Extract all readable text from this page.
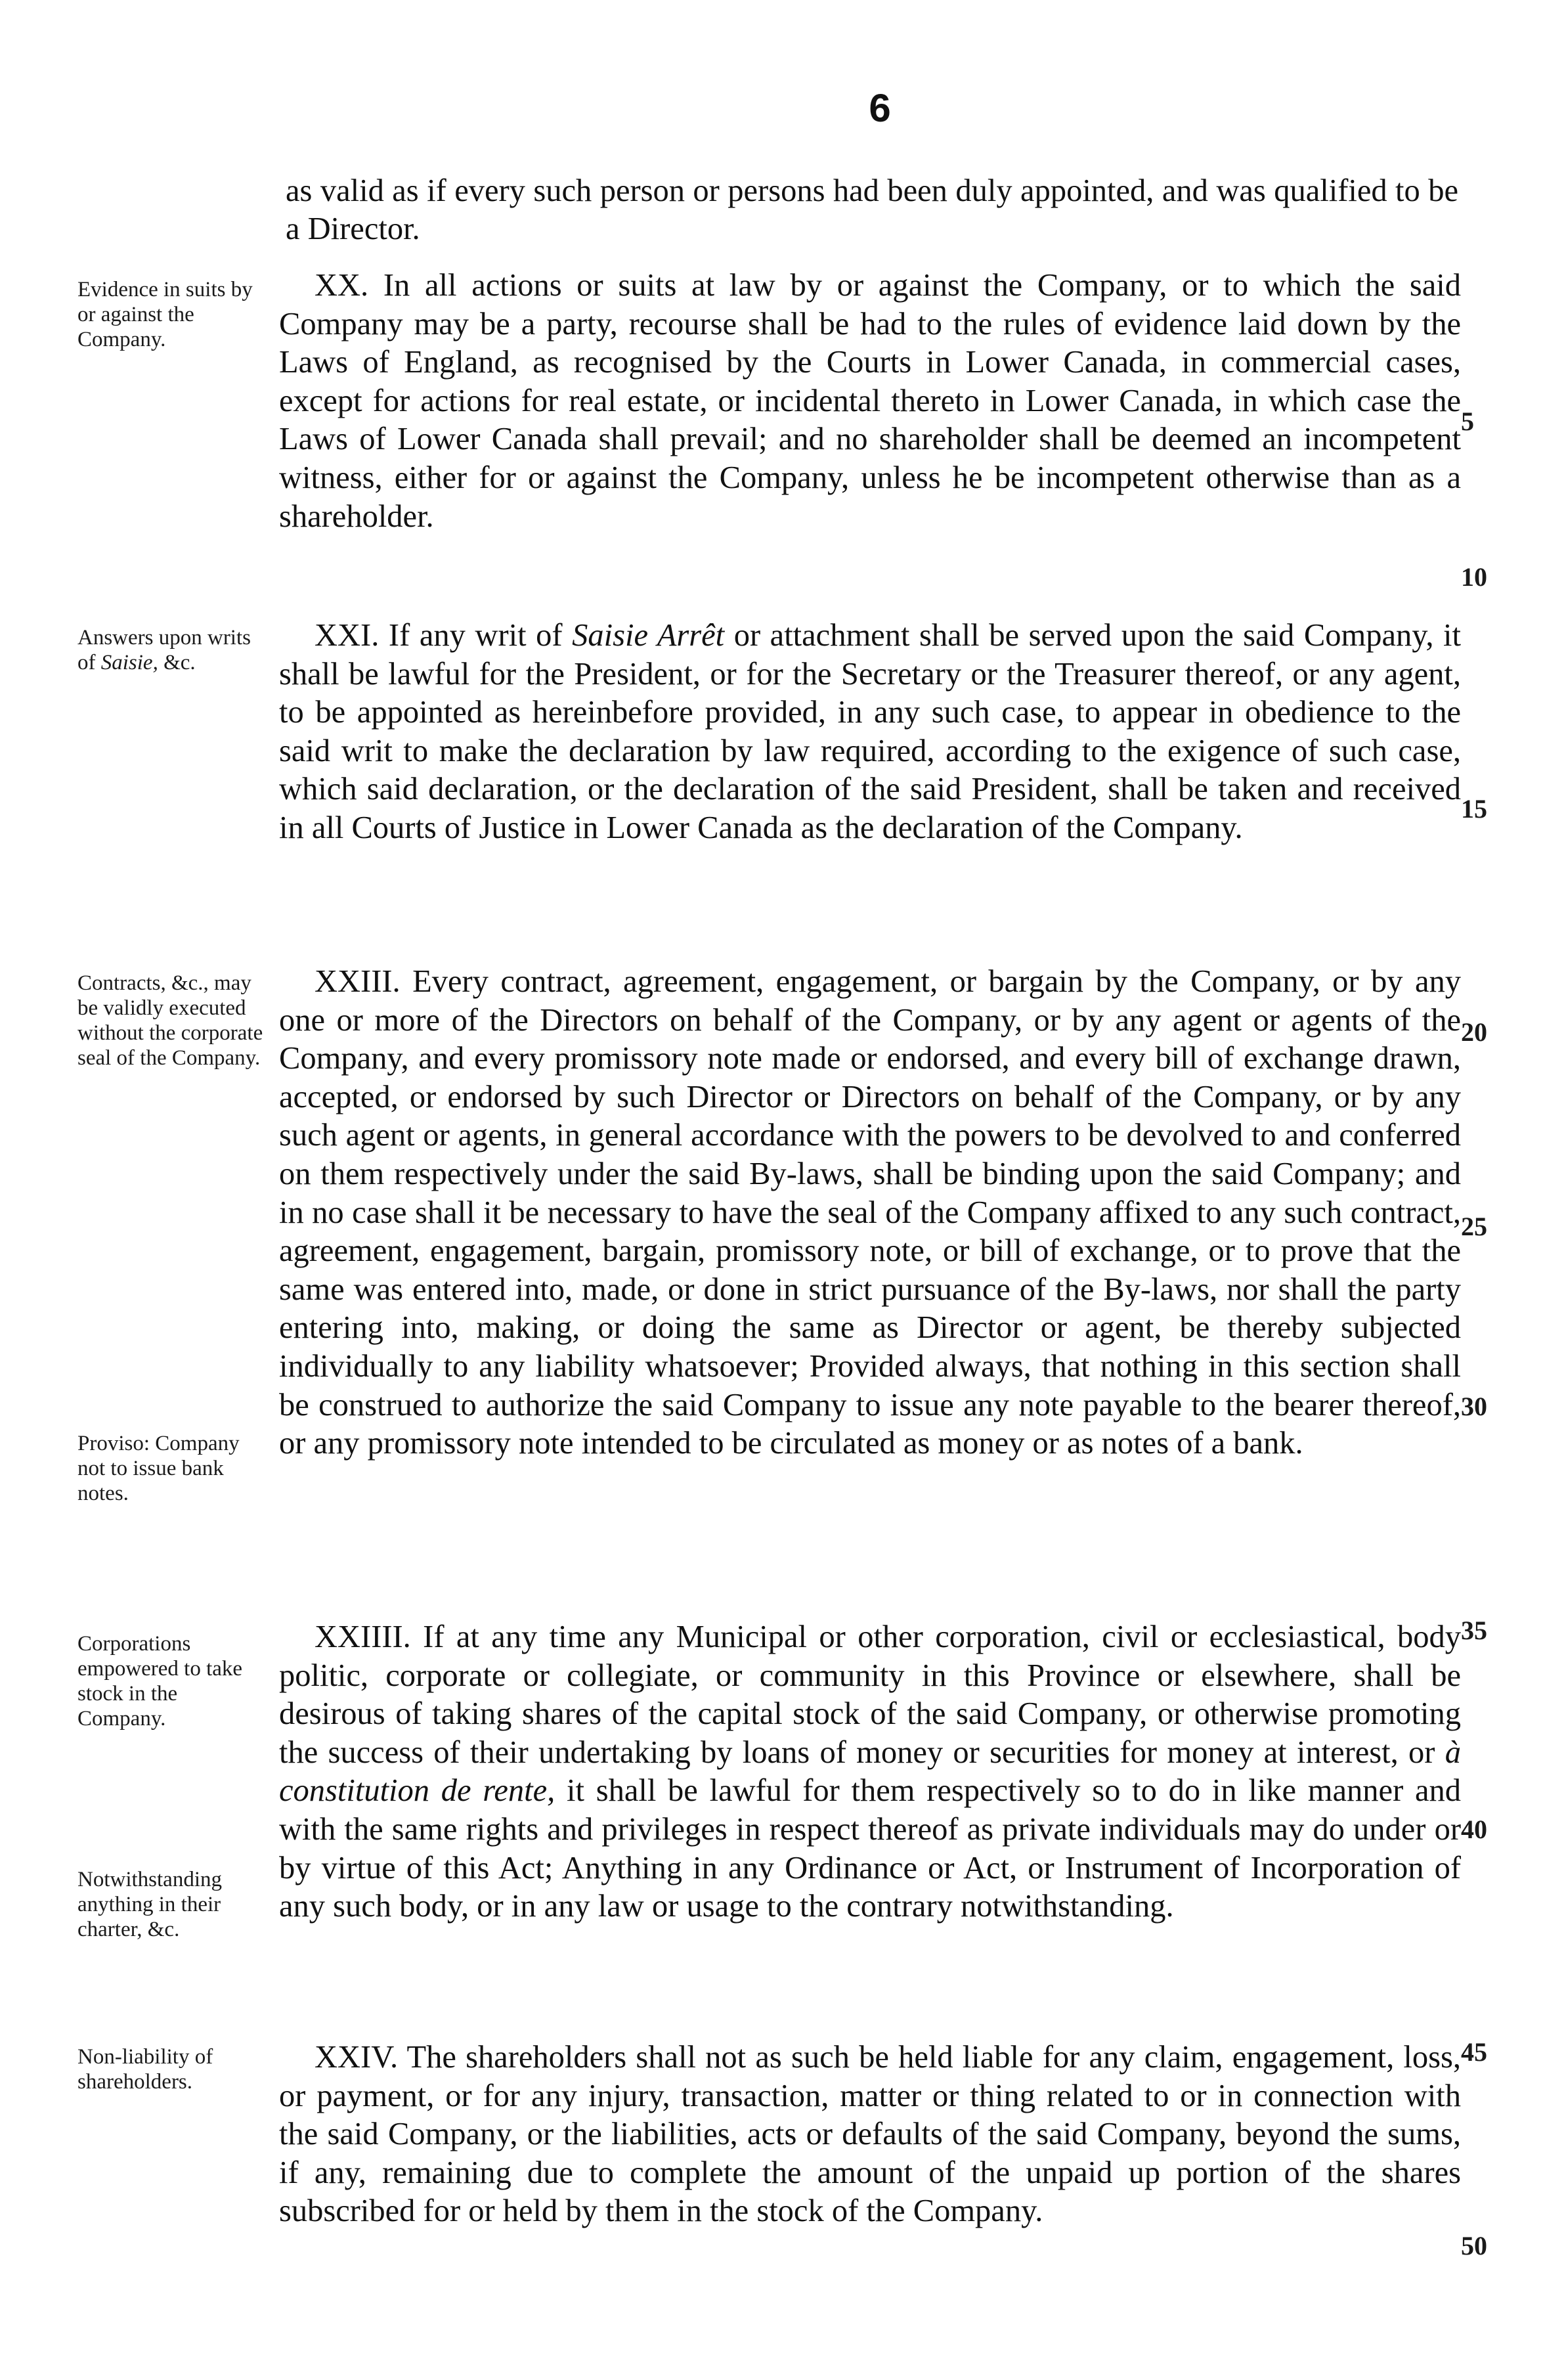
6

as valid as if every such person or persons had been duly appointed, and was qualified to be a Director.

Evidence in suits by or against the Company.

XX. In all actions or suits at law by or against the Company, or to which the said Company may be a party, recourse shall be had to the rules of evidence laid down by the Laws of England, as recognised by the Courts in Lower Canada, in commercial cases, except for actions for real estate, or incidental thereto in Lower Canada, in which case the Laws of Lower Canada shall prevail; and no shareholder shall be deemed an incompetent witness, either for or against the Company, unless he be incompetent otherwise than as a shareholder.

Answers upon writs of Saisie, &c.

XXI. If any writ of Saisie Arrêt or attachment shall be served upon the said Company, it shall be lawful for the President, or for the Secretary or the Treasurer thereof, or any agent, to be appointed as hereinbefore provided, in any such case, to appear in obedience to the said writ to make the declaration by law required, according to the exigence of such case, which said declaration, or the declaration of the said President, shall be taken and received in all Courts of Justice in Lower Canada as the declaration of the Company.

Contracts, &c., may be validly executed without the corporate seal of the Company.
Proviso: Company not to issue bank notes.

XXIII. Every contract, agreement, engagement, or bargain by the Company, or by any one or more of the Directors on behalf of the Company, or by any agent or agents of the Company, and every promissory note made or endorsed, and every bill of exchange drawn, accepted, or endorsed by such Director or Directors on behalf of the Company, or by any such agent or agents, in general accordance with the powers to be devolved to and conferred on them respectively under the said By-laws, shall be binding upon the said Company; and in no case shall it be necessary to have the seal of the Company affixed to any such contract, agreement, engagement, bargain, promissory note, or bill of exchange, or to prove that the same was entered into, made, or done in strict pursuance of the By-laws, nor shall the party entering into, making, or doing the same as Director or agent, be thereby subjected individually to any liability whatsoever; Provided always, that nothing in this section shall be construed to authorize the said Company to issue any note payable to the bearer thereof, or any promissory note intended to be circulated as money or as notes of a bank.

Corporations empowered to take stock in the Company.
Notwithstanding anything in their charter, &c.

XXIIII. If at any time any Municipal or other corporation, civil or ecclesiastical, body politic, corporate or collegiate, or community in this Province or elsewhere, shall be desirous of taking shares of the capital stock of the said Company, or otherwise promoting the success of their undertaking by loans of money or securities for money at interest, or à constitution de rente, it shall be lawful for them respectively so to do in like manner and with the same rights and privileges in respect thereof as private individuals may do under or by virtue of this Act; Anything in any Ordinance or Act, or Instrument of Incorporation of any such body, or in any law or usage to the contrary notwithstanding.

Non-liability of shareholders.

XXIV. The shareholders shall not as such be held liable for any claim, engagement, loss, or payment, or for any injury, transaction, matter or thing related to or in connection with the said Company, or the liabilities, acts or defaults of the said Company, beyond the sums, if any, remaining due to complete the amount of the unpaid up portion of the shares subscribed for or held by them in the stock of the Company.

5
10
15
20
25
30
35
40
45
50
